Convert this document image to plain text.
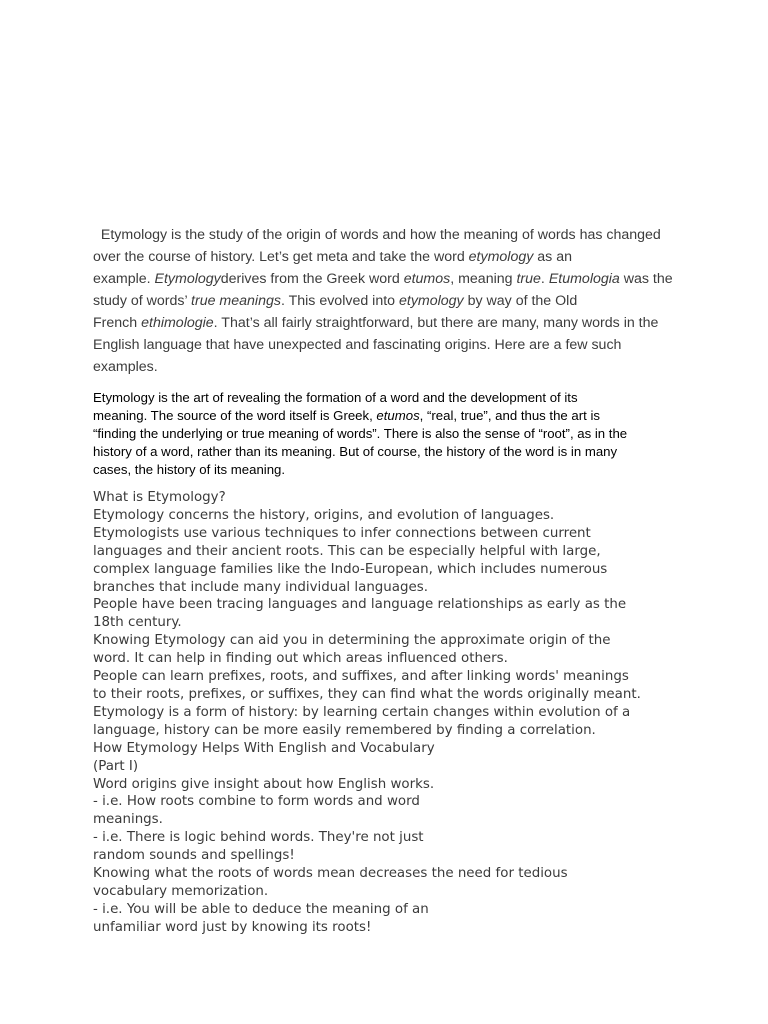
Etymology is the study of the origin of words and how the meaning of words has changed
over the course of history. Let’s get meta and take the word etymology as an
example. Etymologyderives from the Greek word etumos, meaning true. Etumologia was the
study of words’ true meanings. This evolved into etymology by way of the Old
French ethimologie. That’s all fairly straightforward, but there are many, many words in the
English language that have unexpected and fascinating origins. Here are a few such
examples.
Etymology is the art of revealing the formation of a word and the development of its
meaning. The source of the word itself is Greek, etumos, “real, true”, and thus the art is
“finding the underlying or true meaning of words”. There is also the sense of “root”, as in the
history of a word, rather than its meaning. But of course, the history of the word is in many
cases, the history of its meaning.
What is Etymology?
Etymology concerns the history, origins, and evolution of languages.
Etymologists use various techniques to infer connections between current
languages and their ancient roots. This can be especially helpful with large,
complex language families like the Indo-European, which includes numerous
branches that include many individual languages.
People have been tracing languages and language relationships as early as the
18th century.
Knowing Etymology can aid you in determining the approximate origin of the
word. It can help in finding out which areas influenced others.
People can learn prefixes, roots, and suffixes, and after linking words' meanings
to their roots, prefixes, or suffixes, they can find what the words originally meant.
Etymology is a form of history: by learning certain changes within evolution of a
language, history can be more easily remembered by finding a correlation.
How Etymology Helps With English and Vocabulary
(Part I)
Word origins give insight about how English works.
- i.e. How roots combine to form words and word
meanings.
- i.e. There is logic behind words. They're not just
random sounds and spellings!
Knowing what the roots of words mean decreases the need for tedious
vocabulary memorization.
- i.e. You will be able to deduce the meaning of an
unfamiliar word just by knowing its roots!
